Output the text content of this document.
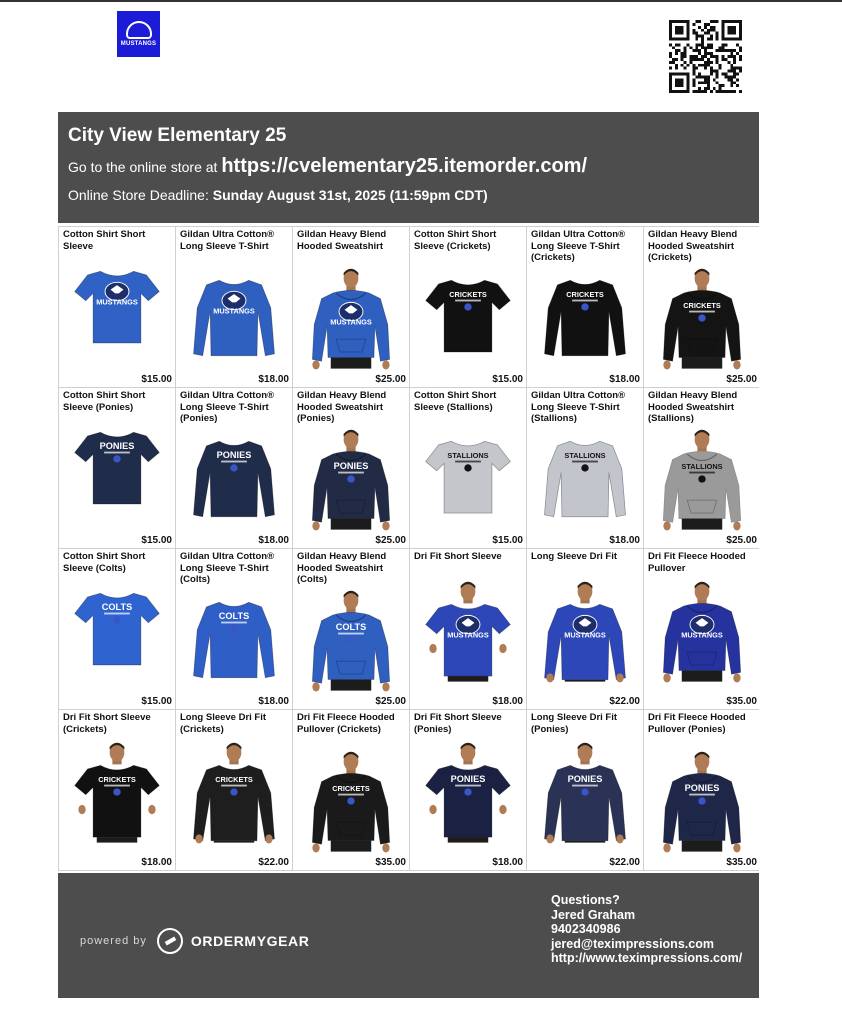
MUSTANGS
City View Elementary 25
Go to the online store at https://cvelementary25.itemorder.com/
Online Store Deadline: Sunday August 31st, 2025 (11:59pm CDT)
Cotton Shirt Short Sleeve
MUSTANGS
$15.00
Gildan Ultra Cotton® Long Sleeve T-Shirt
MUSTANGS
$18.00
Gildan Heavy Blend Hooded Sweatshirt
MUSTANGS
$25.00
Cotton Shirt Short Sleeve (Crickets)
CRICKETS
$15.00
Gildan Ultra Cotton® Long Sleeve T-Shirt (Crickets)
CRICKETS
$18.00
Gildan Heavy Blend Hooded Sweatshirt (Crickets)
CRICKETS
$25.00
Cotton Shirt Short Sleeve (Ponies)
PONIES
$15.00
Gildan Ultra Cotton® Long Sleeve T-Shirt (Ponies)
PONIES
$18.00
Gildan Heavy Blend Hooded Sweatshirt (Ponies)
PONIES
$25.00
Cotton Shirt Short Sleeve (Stallions)
STALLIONS
$15.00
Gildan Ultra Cotton® Long Sleeve T-Shirt (Stallions)
STALLIONS
$18.00
Gildan Heavy Blend Hooded Sweatshirt (Stallions)
STALLIONS
$25.00
Cotton Shirt Short Sleeve (Colts)
COLTS
$15.00
Gildan Ultra Cotton® Long Sleeve T-Shirt (Colts)
COLTS
$18.00
Gildan Heavy Blend Hooded Sweatshirt (Colts)
COLTS
$25.00
Dri Fit Short Sleeve
MUSTANGS
$18.00
Long Sleeve Dri Fit
MUSTANGS
$22.00
Dri Fit Fleece Hooded Pullover
MUSTANGS
$35.00
Dri Fit Short Sleeve (Crickets)
CRICKETS
$18.00
Long Sleeve Dri Fit (Crickets)
CRICKETS
$22.00
Dri Fit Fleece Hooded Pullover (Crickets)
CRICKETS
$35.00
Dri Fit Short Sleeve (Ponies)
PONIES
$18.00
Long Sleeve Dri Fit (Ponies)
PONIES
$22.00
Dri Fit Fleece Hooded Pullover (Ponies)
PONIES
$35.00
powered by	ORDERMYGEAR
Questions?
Jered Graham
9402340986
jered@teximpressions.com
http://www.teximpressions.com/
